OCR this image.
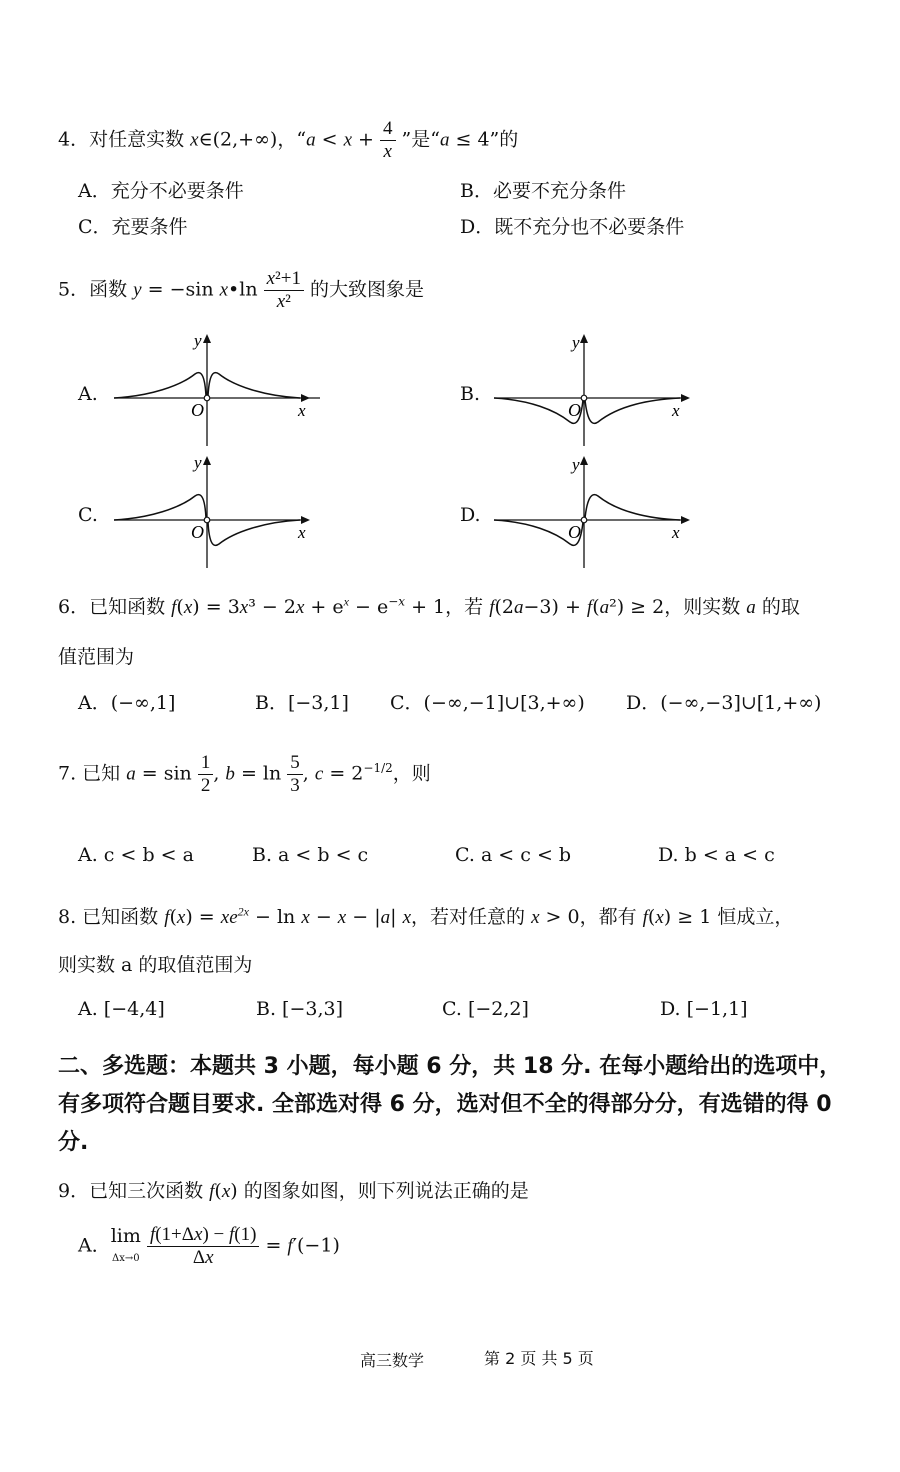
4．对任意实数 x∈(2,+∞)，“$a < x + \frac{4}{x}$ ”是“a ≤ 4”的
A．充分不必要条件	B．必要不充分条件
C．充要条件	D．既不充分也不必要条件
5．函数 y = −sin x•ln $\frac{\text{x²+1}}{\text{x²}}$ 的大致图象是
A.
O	x
y
B.
O	x
y
C.
O	x
y
D.
O	x
y
6．已知函数 $f(x) = 3x^3 - 2x + e^x - e^{-x} + 1$，若 f(2a−3) + f(a²) ≥ 2，则实数 a 的取
值范围为
A．(−∞,1]	B．[−3,1] C．(−∞,−1]∪[3,+∞) D．(−∞,−3]∪[1,+∞)
7. 已知 $a = \sin \frac{1}{2}$ , $b = \ln \frac{5}{3}$ , $c = 2^{-1/2}$，则
A. c < b < a	B. a < b < c	C. a < c < b	D. b < a < c
8. 已知函数 $f(x) = xe^{2x} - \ln x - x - |a|$ x，若对任意的 x > 0，都有 f(x) ≥ 1 恒成立，
则实数 a 的取值范围为
A. [−4,4]	B. [−3,3]	C. [−2,2]	D. [−1,1]
二、多选题：本题共 3 小题，每小题 6 分，共 18 分. 在每小题给出的选项中，有多项符合题目要求. 全部选对得 6 分，选对但不全的得部分分，有选错的得 0 分.
9．已知三次函数 f(x) 的图象如图，则下列说法正确的是
A．lim
$\Delta x\to 0 \frac{f(1+\Delta x) - f(1)}{\Delta x} = f'(-1)$
高三数学	第 2 页 共 5 页
